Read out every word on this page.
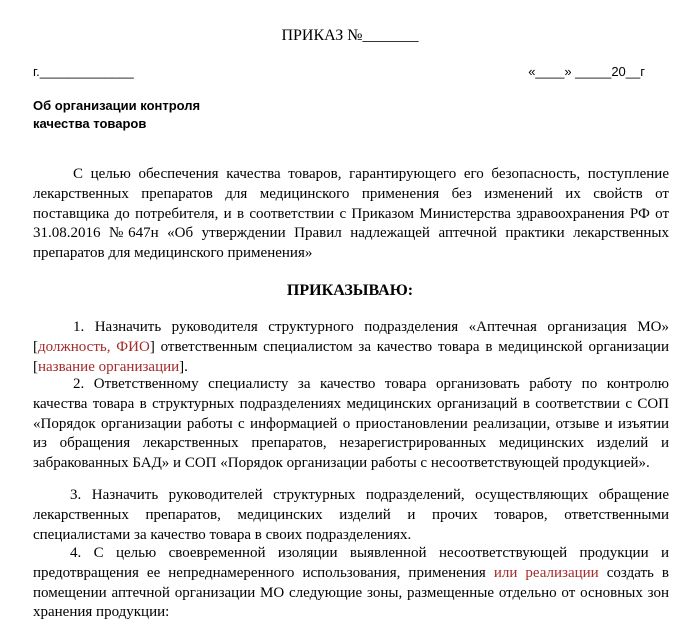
ПРИКАЗ №_______
г._____________	«____» _____20__г
Об организации контроля
качества товаров

С целью обеспечения качества товаров, гарантирующего его безопасность, поступление лекарственных препаратов для медицинского применения без изменений их свойств от поставщика до потребителя, и в соответствии с Приказом Министерства здравоохранения РФ от 31.08.2016 №647н «Об утверждении Правил надлежащей аптечной практики лекарственных препаратов для медицинского применения»

ПРИКАЗЫВАЮ:

1. Назначить руководителя структурного подразделения «Аптечная организация МО» [должность, ФИО] ответственным специалистом за качество товара в медицинской организации [название организации].

2. Ответственному специалисту за качество товара организовать работу по контролю качества товара в структурных подразделениях медицинских организаций в соответствии с СОП «Порядок организации работы с информацией о приостановлении реализации, отзыве и изъятии из обращения лекарственных препаратов, незарегистрированных медицинских изделий и забракованных БАД» и СОП «Порядок организации работы с несоответствующей продукцией».

3. Назначить руководителей структурных подразделений, осуществляющих обращение лекарственных препаратов, медицинских изделий и прочих товаров, ответственными специалистами за качество товара в своих подразделениях.

4. С целью своевременной изоляции выявленной несоответствующей продукции и предотвращения ее непреднамеренного использования, применения или реализации создать в помещении аптечной организации МО следующие зоны, размещенные отдельно от основных зон хранения продукции:
